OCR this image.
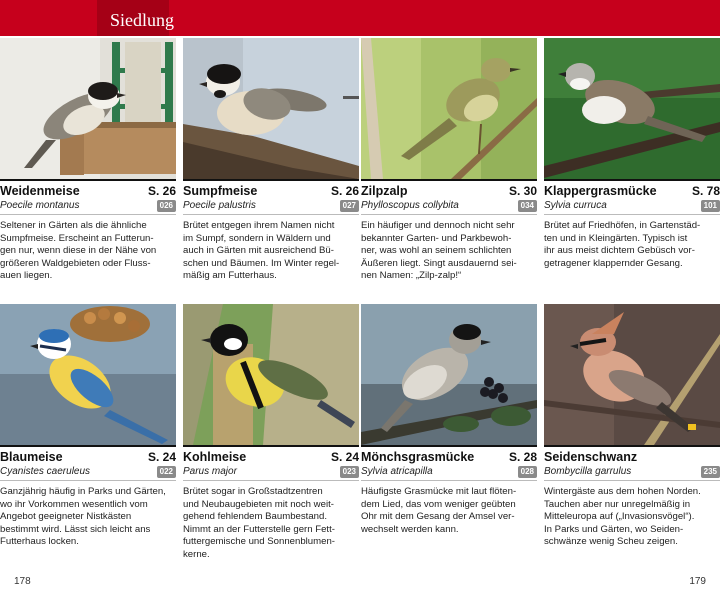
Siedlung
Weidenmeise	S. 26
Poecile montanus	026
Seltener in Gärten als die ähnliche
Sumpfmeise. Erscheint an Futterun-
gen nur, wenn diese in der Nähe von
größeren Waldgebieten oder Fluss-
auen liegen.
Sumpfmeise	S. 26
Poecile palustris	027
Brütet entgegen ihrem Namen nicht
im Sumpf, sondern in Wäldern und
auch in Gärten mit ausreichend Bü-
schen und Bäumen. Im Winter regel-
mäßig am Futterhaus.
Zilpzalp	S. 30
Phylloscopus collybita	034
Ein häufiger und dennoch nicht sehr
bekannter Garten- und Parkbewoh-
ner, was wohl an seinem schlichten
Äußeren liegt. Singt ausdauernd sei-
nen Namen: „Zilp-zalp!“
Klappergrasmücke	S. 78
Sylvia curruca	101
Brütet auf Friedhöfen, in Gartenstäd-
ten und in Kleingärten. Typisch ist
ihr aus meist dichtem Gebüsch vor-
getragener klappernder Gesang.
Blaumeise	S. 24
Cyanistes caeruleus	022
Ganzjährig häufig in Parks und Gärten,
wo ihr Vorkommen wesentlich vom
Angebot geeigneter Nistkästen
bestimmt wird. Lässt sich leicht ans
Futterhaus locken.
Kohlmeise	S. 24
Parus major	023
Brütet sogar in Großstadtzentren
und Neubaugebieten mit noch weit-
gehend fehlendem Baumbestand.
Nimmt an der Futterstelle gern Fett-
futtergemische und Sonnenblumen-
kerne.
Mönchsgrasmücke	S. 28
Sylvia atricapilla	028
Häufigste Grasmücke mit laut flöten-
dem Lied, das vom weniger geübten
Ohr mit dem Gesang der Amsel ver-
wechselt werden kann.
Seidenschwanz
Bombycilla garrulus	235
Wintergäste aus dem hohen Norden.
Tauchen aber nur unregelmäßig in
Mitteleuropa auf („Invasionsvögel“).
In Parks und Gärten, wo Seiden-
schwänze wenig Scheu zeigen.
178	179
